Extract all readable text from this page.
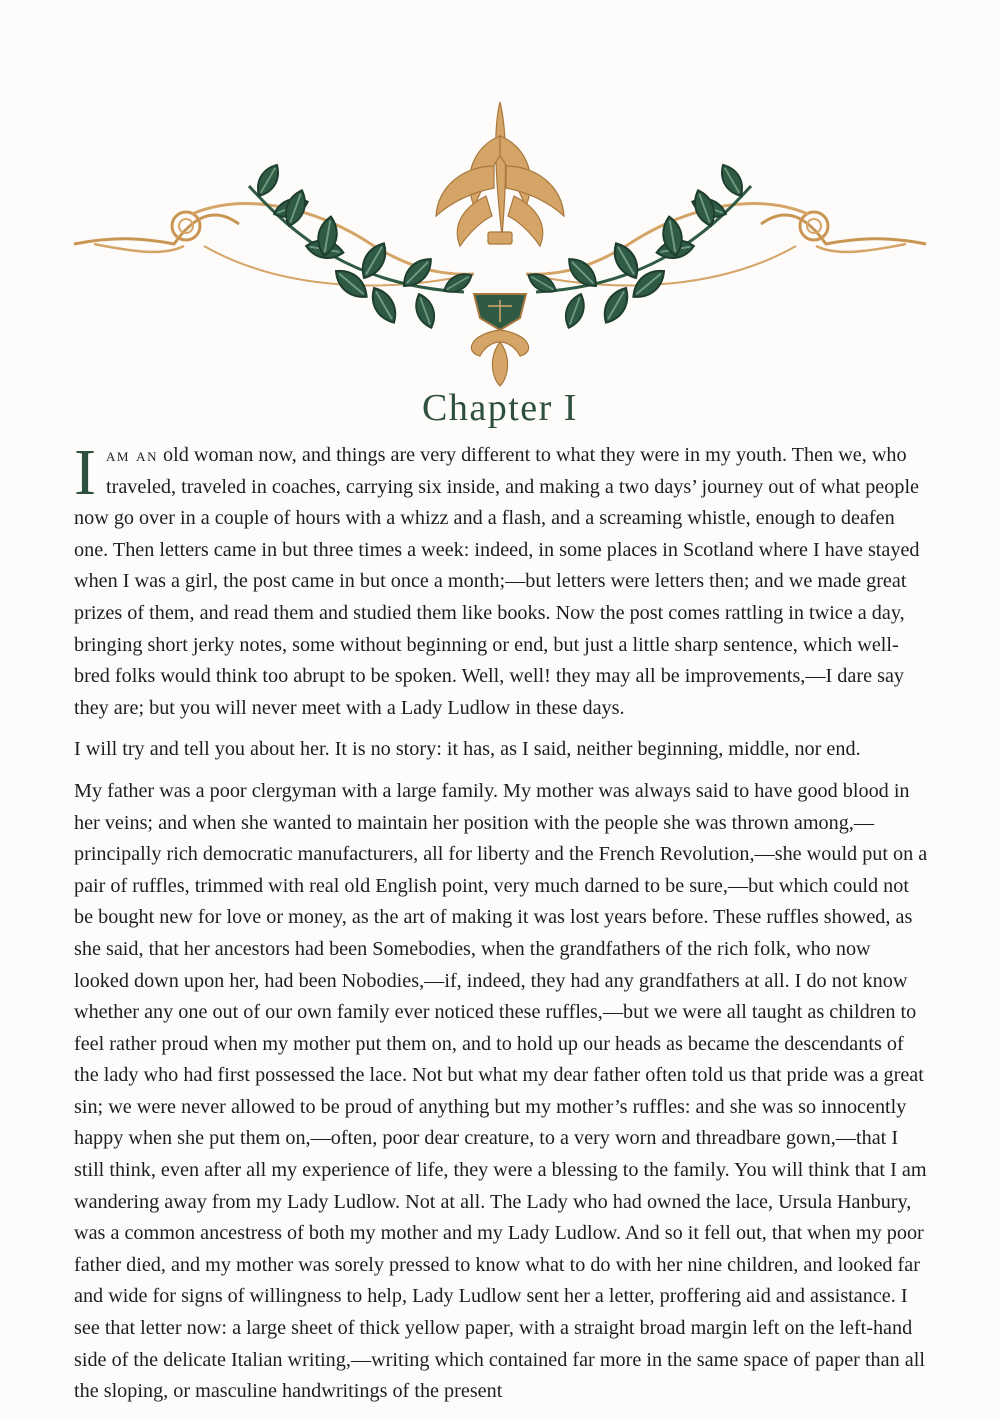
Chapter I

Iam an old woman now, and things are very different to what they were in my youth. Then we, who traveled, traveled in coaches, carrying six inside, and making a two days’ journey out of what people now go over in a couple of hours with a whizz and a flash, and a screaming whistle, enough to deafen one. Then letters came in but three times a week: indeed, in some places in Scotland where I have stayed when I was a girl, the post came in but once a month;—but letters were letters then; and we made great prizes of them, and read them and studied them like books. Now the post comes rattling in twice a day, bringing short jerky notes, some without beginning or end, but just a little sharp sentence, which well-bred folks would think too abrupt to be spoken. Well, well! they may all be improvements,—I dare say they are; but you will never meet with a Lady Ludlow in these days.

I will try and tell you about her. It is no story: it has, as I said, neither beginning, middle, nor end.

My father was a poor clergyman with a large family. My mother was always said to have good blood in her veins; and when she wanted to maintain her position with the people she was thrown among,—principally rich democratic manufacturers, all for liberty and the French Revolution,—she would put on a pair of ruffles, trimmed with real old English point, very much darned to be sure,—but which could not be bought new for love or money, as the art of making it was lost years before. These ruffles showed, as she said, that her ancestors had been Somebodies, when the grandfathers of the rich folk, who now looked down upon her, had been Nobodies,—if, indeed, they had any grandfathers at all. I do not know whether any one out of our own family ever noticed these ruffles,—but we were all taught as children to feel rather proud when my mother put them on, and to hold up our heads as became the descendants of the lady who had first possessed the lace. Not but what my dear father often told us that pride was a great sin; we were never allowed to be proud of anything but my mother’s ruffles: and she was so innocently happy when she put them on,—often, poor dear creature, to a very worn and threadbare gown,—that I still think, even after all my experience of life, they were a blessing to the family. You will think that I am wandering away from my Lady Ludlow. Not at all. The Lady who had owned the lace, Ursula Hanbury, was a common ancestress of both my mother and my Lady Ludlow. And so it fell out, that when my poor father died, and my mother was sorely pressed to know what to do with her nine children, and looked far and wide for signs of willingness to help, Lady Ludlow sent her a letter, proffering aid and assistance. I see that letter now: a large sheet of thick yellow paper, with a straight broad margin left on the left-hand side of the delicate Italian writing,—writing which contained far more in the same space of paper than all the sloping, or masculine handwritings of the present
